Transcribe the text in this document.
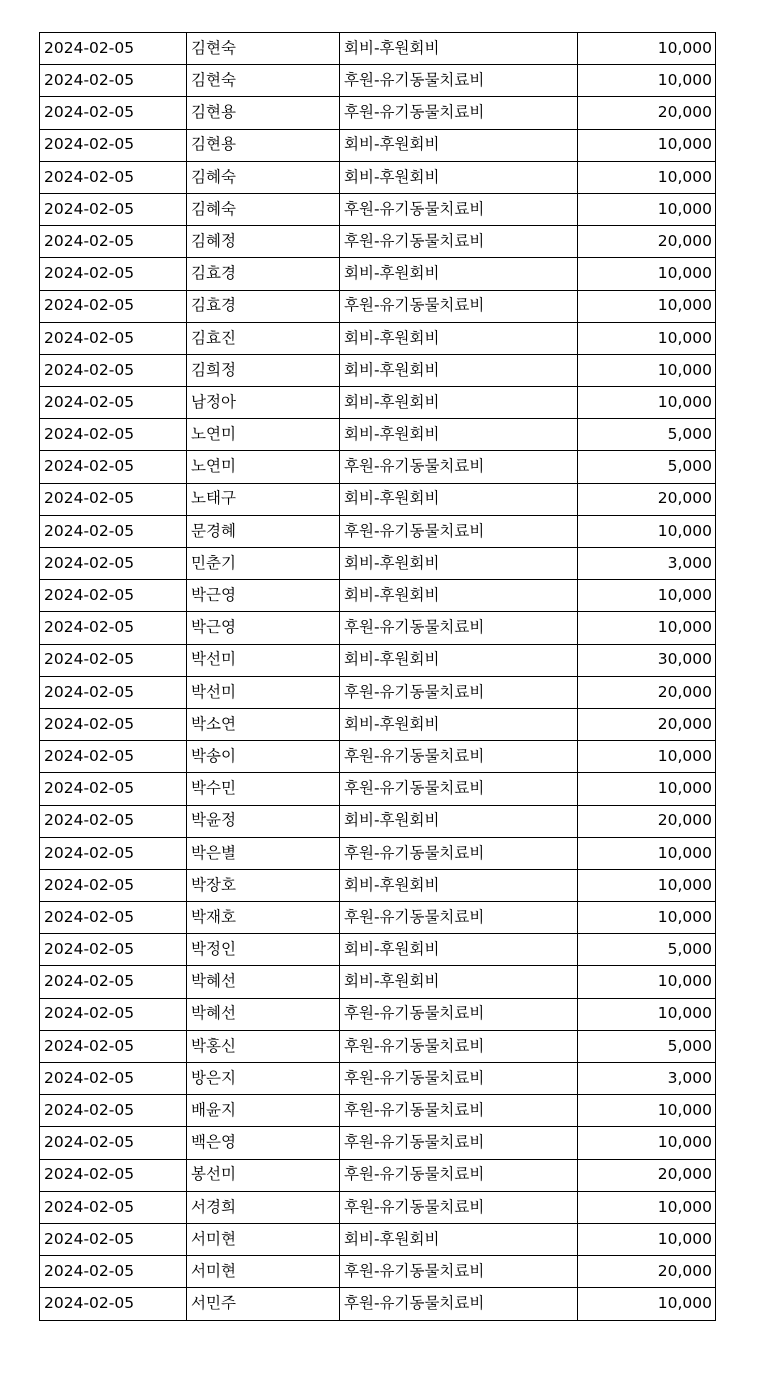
2024-02-05	김현숙	회비-후원회비	10,000
2024-02-05	김현숙	후원-유기동물치료비	10,000
2024-02-05	김현용	후원-유기동물치료비	20,000
2024-02-05	김현용	회비-후원회비	10,000
2024-02-05	김혜숙	회비-후원회비	10,000
2024-02-05	김혜숙	후원-유기동물치료비	10,000
2024-02-05	김혜정	후원-유기동물치료비	20,000
2024-02-05	김효경	회비-후원회비	10,000
2024-02-05	김효경	후원-유기동물치료비	10,000
2024-02-05	김효진	회비-후원회비	10,000
2024-02-05	김희정	회비-후원회비	10,000
2024-02-05	남정아	회비-후원회비	10,000
2024-02-05	노연미	회비-후원회비	5,000
2024-02-05	노연미	후원-유기동물치료비	5,000
2024-02-05	노태구	회비-후원회비	20,000
2024-02-05	문경혜	후원-유기동물치료비	10,000
2024-02-05	민춘기	회비-후원회비	3,000
2024-02-05	박근영	회비-후원회비	10,000
2024-02-05	박근영	후원-유기동물치료비	10,000
2024-02-05	박선미	회비-후원회비	30,000
2024-02-05	박선미	후원-유기동물치료비	20,000
2024-02-05	박소연	회비-후원회비	20,000
2024-02-05	박송이	후원-유기동물치료비	10,000
2024-02-05	박수민	후원-유기동물치료비	10,000
2024-02-05	박윤정	회비-후원회비	20,000
2024-02-05	박은별	후원-유기동물치료비	10,000
2024-02-05	박장호	회비-후원회비	10,000
2024-02-05	박재호	후원-유기동물치료비	10,000
2024-02-05	박정인	회비-후원회비	5,000
2024-02-05	박혜선	회비-후원회비	10,000
2024-02-05	박혜선	후원-유기동물치료비	10,000
2024-02-05	박홍신	후원-유기동물치료비	5,000
2024-02-05	방은지	후원-유기동물치료비	3,000
2024-02-05	배윤지	후원-유기동물치료비	10,000
2024-02-05	백은영	후원-유기동물치료비	10,000
2024-02-05	봉선미	후원-유기동물치료비	20,000
2024-02-05	서경희	후원-유기동물치료비	10,000
2024-02-05	서미현	회비-후원회비	10,000
2024-02-05	서미현	후원-유기동물치료비	20,000
2024-02-05	서민주	후원-유기동물치료비	10,000
